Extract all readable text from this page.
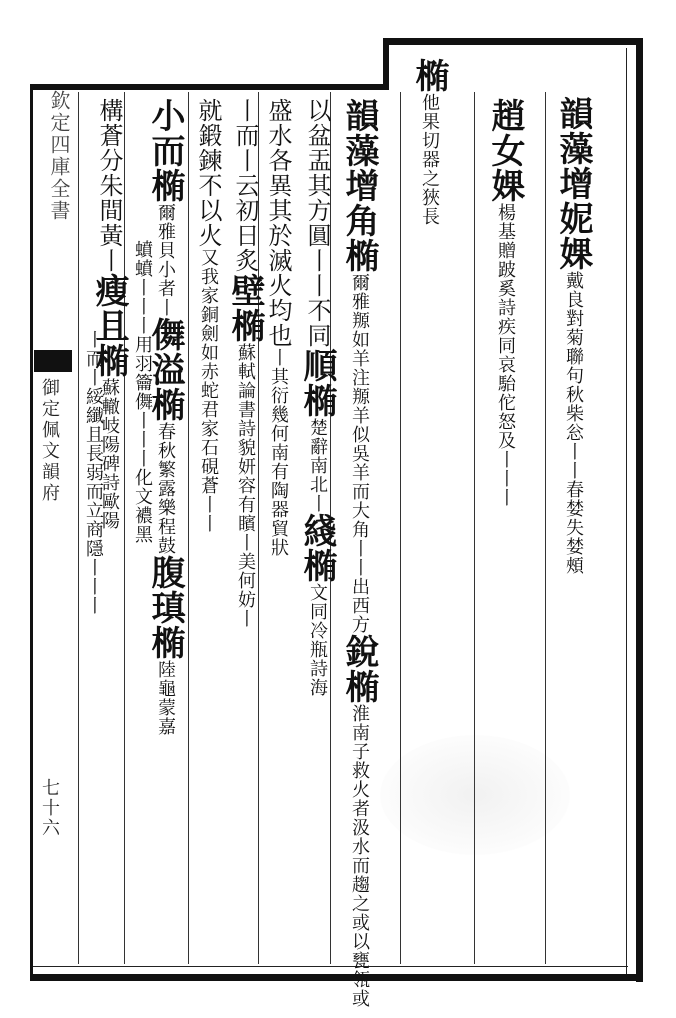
欽定四庫全書
御定佩文韻府
七十六
韻藻增妮婐戴良對菊聯句秋柴忩丨丨春婪失婪頰
趙女婐楊基贈跛奚詩疾同哀駘佗怒及丨丨丨
椭他果切器之狹長
韻藻增角椭爾雅羱如羊注羱羊似吳羊而大角丨丨出西方銳椭淮南子救火者汲水而趨之或以甕瓴或
以盆盂其方圓丨丨不同順椭楚辭南北丨綫椭文同冷瓶詩海
盛水各異其於滅火均也丨其衍幾何南有陶器貿狀
丨而丨云初日炙壁椭蘇軾論書詩貌妍容有矉丨美何妨丨
就鍛鍊不以火又我家銅劍如赤蛇君家石硯蒼丨丨
小而椭爾雅貝小者丨儛溢椭春秋繁露樂程鼓腹瑱椭陸龜蒙嘉
蟦蟦丨丨丨用羽籥儛丨丨丨化文襛黑
構蒼分朱間黃丨瘦且椭蘇轍岐陽碑詩歐陽
丨而丨綏纖且長弱而立商隱丨丨丨
